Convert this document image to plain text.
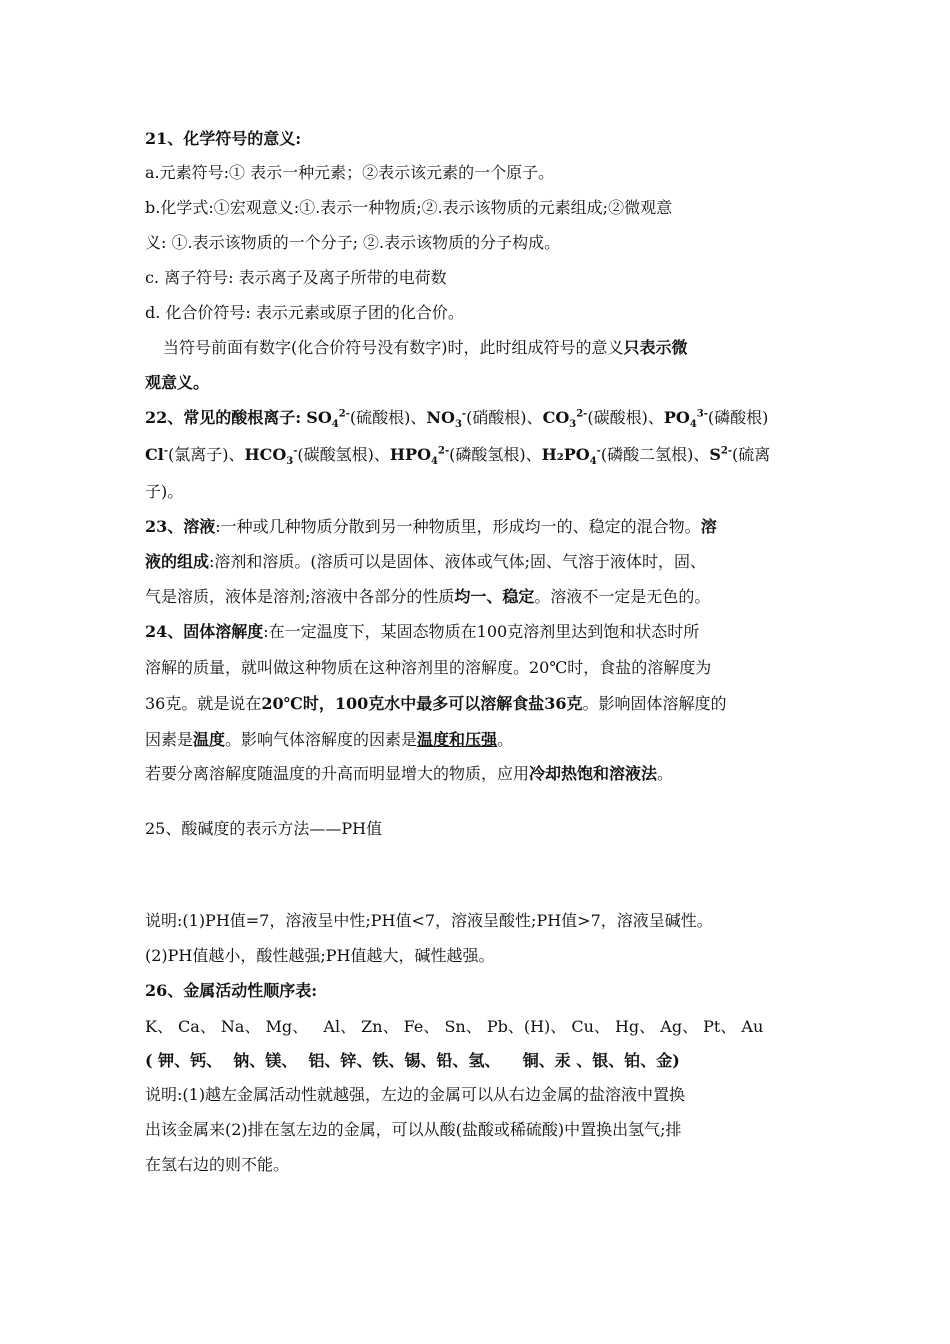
21、化学符号的意义:
a.元素符号:① 表示一种元素；②表示该元素的一个原子。
b.化学式:①宏观意义:①.表示一种物质;②.表示该物质的元素组成;②微观意
义: ①.表示该物质的一个分子; ②.表示该物质的分子构成。
c. 离子符号: 表示离子及离子所带的电荷数
d. 化合价符号: 表示元素或原子团的化合价。
当符号前面有数字(化合价符号没有数字)时，此时组成符号的意义只表示微
观意义。
22、常见的酸根离子: $SO_4^{2-}$(硫酸根)、$NO_3^-$(硝酸根)、$CO_3^{2-}$(碳酸根)、$PO_4^{3-}$(磷酸根)
Cl-(氯离子)、$HCO_3^-$(碳酸氢根)、$HPO_4^{2-}$(磷酸氢根)、$H_2PO_4^-$(磷酸二氢根)、$S^{2-}$(硫离
子)。
23、溶液:一种或几种物质分散到另一种物质里，形成均一的、稳定的混合物。溶
液的组成:溶剂和溶质。(溶质可以是固体、液体或气体;固、气溶于液体时，固、
气是溶质，液体是溶剂;溶液中各部分的性质均一、稳定。溶液不一定是无色的。
24、固体溶解度:在一定温度下，某固态物质在100克溶剂里达到饱和状态时所
溶解的质量，就叫做这种物质在这种溶剂里的溶解度。20℃时，食盐的溶解度为
36克。就是说在20℃时，100克水中最多可以溶解食盐36克。影响固体溶解度的
因素是温度。影响气体溶解度的因素是温度和压强。
若要分离溶解度随温度的升高而明显增大的物质，应用冷却热饱和溶液法。
25、酸碱度的表示方法——PH值
说明:(1)PH值=7，溶液呈中性;PH值<7，溶液呈酸性;PH值>7，溶液呈碱性。
(2)PH值越小，酸性越强;PH值越大，碱性越强。
26、金属活动性顺序表:
K、 Ca、 Na、 Mg、   Al、 Zn、 Fe、 Sn、 Pb、(H)、 Cu、 Hg、 Ag、 Pt、 Au
( 钾、钙、  钠、镁、  铝、锌、铁、锡、铅、氢、    铜、汞 、银、铂、金)
说明:(1)越左金属活动性就越强，左边的金属可以从右边金属的盐溶液中置换
出该金属来(2)排在氢左边的金属，可以从酸(盐酸或稀硫酸)中置换出氢气;排
在氢右边的则不能。
